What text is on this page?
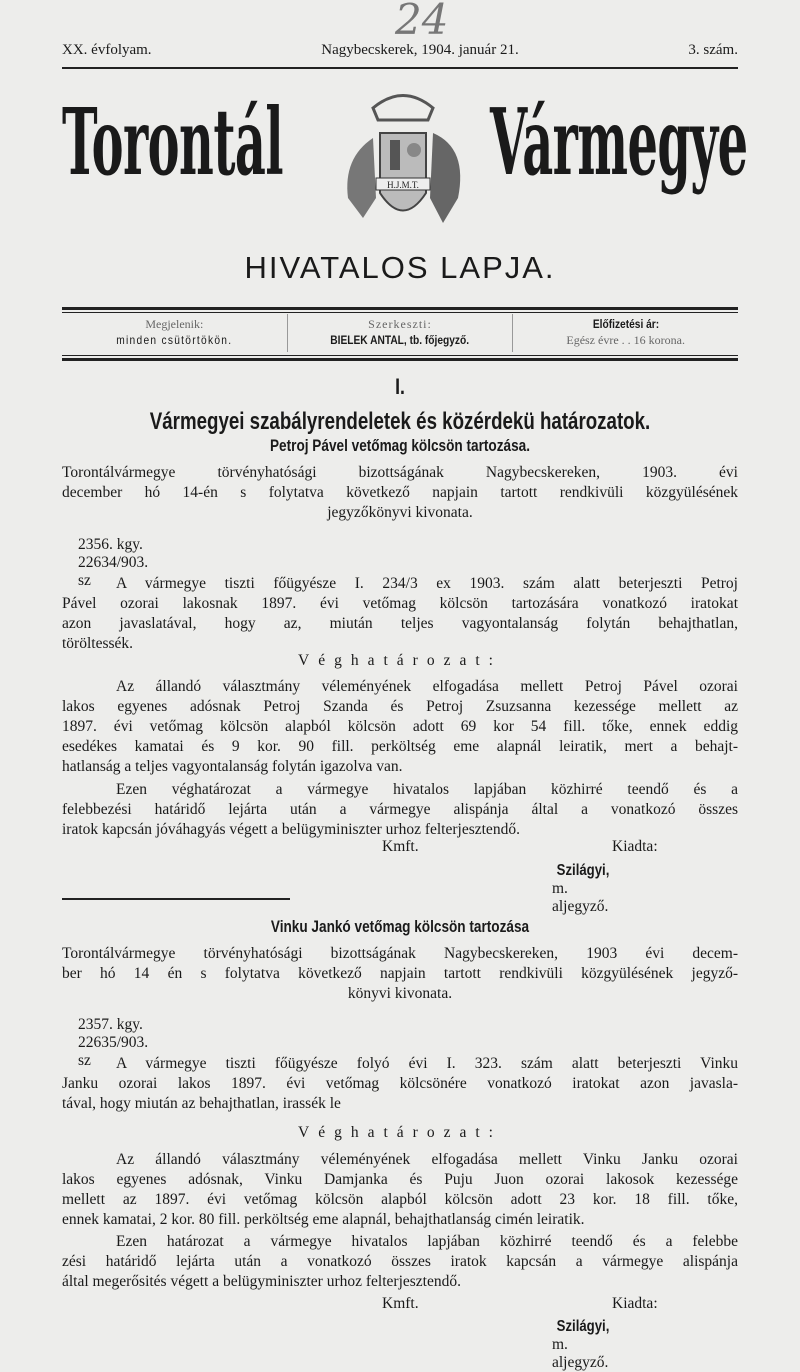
24
XX. évfolyam.	Nagybecskerek, 1904. január 21.	3. szám.
Torontál	H.J.M.T. Vármegye
HIVATALOS LAPJA.
Megjelenik:
minden csütörtökön.
Szerkeszti:
BIELEK ANTAL, tb. főjegyző.
Előfizetési ár:
Egész évre . . 16 korona.
I.
Vármegyei szabályrendeletek és közérdekü határozatok.
Petroj Pável vetőmag kölcsön tartozása.
Torontálvármegye törvényhatósági bizottságának Nagybecskereken, 1903. évi
december hó 14-én s folytatva következő napjain tartott rendkivüli közgyülésének
jegyzőkönyvi kivonata.
2356. kgy. 22634/903. sz	A vármegye tiszti főügyésze I. 234/3 ex 1903. szám alatt beterjeszti Petroj
Pável ozorai lakosnak 1897. évi vetőmag kölcsön tartozására vonatkozó iratokat
azon javaslatával, hogy az, miután teljes vagyontalanság folytán behajthatlan,
töröltessék.
Véghatározat:
Az állandó választmány véleményének elfogadása mellett Petroj Pável ozorai
lakos egyenes adósnak Petroj Szanda és Petroj Zsuzsanna kezessége mellett az
1897. évi vetőmag kölcsön alapból kölcsön adott 69 kor 54 fill. tőke, ennek eddig
esedékes kamatai és 9 kor. 90 fill. perköltség eme alapnál leiratik, mert a behajt-
hatlanság a teljes vagyontalanság folytán igazolva van.
Ezen véghatározat a vármegye hivatalos lapjában közhirré teendő és a
felebbezési határidő lejárta után a vármegye alispánja által a vonatkozó összes
iratok kapcsán jóváhagyás végett a belügyminiszter urhoz felterjesztendő.
Kmft.	Kiadta:
Szilágyi, m. aljegyző.
Vinku Jankó vetőmag kölcsön tartozása
Torontálvármegye törvényhatósági bizottságának Nagybecskereken, 1903 évi decem-
ber hó 14 én s folytatva következő napjain tartott rendkivüli közgyülésének jegyző-
könyvi kivonata.
2357. kgy. 22635/903. sz	A vármegye tiszti főügyésze folyó évi I. 323. szám alatt beterjeszti Vinku
Janku ozorai lakos 1897. évi vetőmag kölcsönére vonatkozó iratokat azon javasla-
tával, hogy miután az behajthatlan, irassék le
Véghatározat:
Az állandó választmány véleményének elfogadása mellett Vinku Janku ozorai
lakos egyenes adósnak, Vinku Damjanka és Puju Juon ozorai lakosok kezessége
mellett az 1897. évi vetőmag kölcsön alapból kölcsön adott 23 kor. 18 fill. tőke,
ennek kamatai, 2 kor. 80 fill. perköltség eme alapnál, behajthatlanság cimén leiratik.
Ezen határozat a vármegye hivatalos lapjában közhirré teendő és a felebbe
zési határidő lejárta után a vonatkozó összes iratok kapcsán a vármegye alispánja
által megerősités végett a belügyminiszter urhoz felterjesztendő.
Kmft.	Kiadta:
Szilágyi, m. aljegyző.
